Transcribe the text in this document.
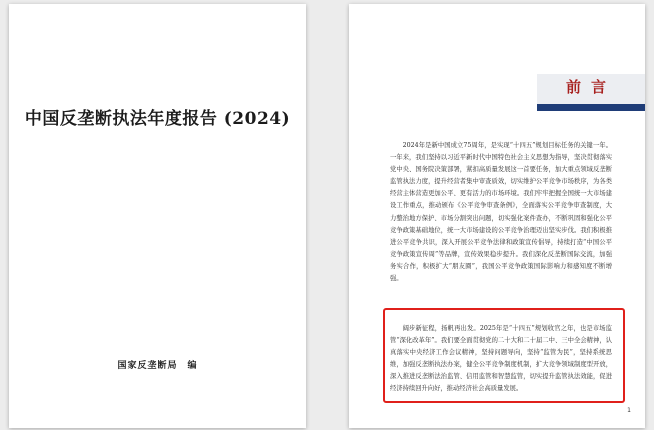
中国反垄断执法年度报告 (2024)
国家反垄断局　编
前言

2024年是新中国成立75周年，是实现“十四五”规划目标任务的关键一年。一年来，我们坚持以习近平新时代中国特色社会主义思想为指导，坚决贯彻落实党中央、国务院决策部署，紧扣高质量发展这一首要任务，加大重点领域反垄断监管执法力度，提升经营者集中审查质效，切实维护公平竞争市场秩序，为各类经营主体营造更加公平、更有活力的市场环境。我们牢牢把握全国统一大市场建设工作重点，推动颁布《公平竞争审查条例》，全面落实公平竞争审查制度，大力整治地方保护、市场分割突出问题，切实强化案件查办，不断巩固和强化公平竞争政策基础地位，统一大市场建设的公平竞争治理迈出坚实步伐。我们积极推进公平竞争共识，深入开展公平竞争法律和政策宣传倡导，持续打造“中国公平竞争政策宣传周”等品牌，宣传效果稳步提升。我们深化反垄断国际交流，加强务实合作，积极扩大“朋友圈”，我国公平竞争政策国际影响力和感知度不断增强。

阔步新征程，扬帆再出发。2025年是“十四五”规划收官之年，也是市场监管“深化改革年”。我们要全面贯彻党的二十大和二十届二中、三中全会精神，认真落实中央经济工作会议精神，坚持问题导向，坚持“监管为民”，坚持系统思维，加强反垄断执法办案，健全公平竞争制度机制，扩大竞争领域制度型开放，深入推进反垄断法治监管、信用监管和智慧监管，切实提升监管执法效能，促进经济持续回升向好，推动经济社会高质量发展。

1
